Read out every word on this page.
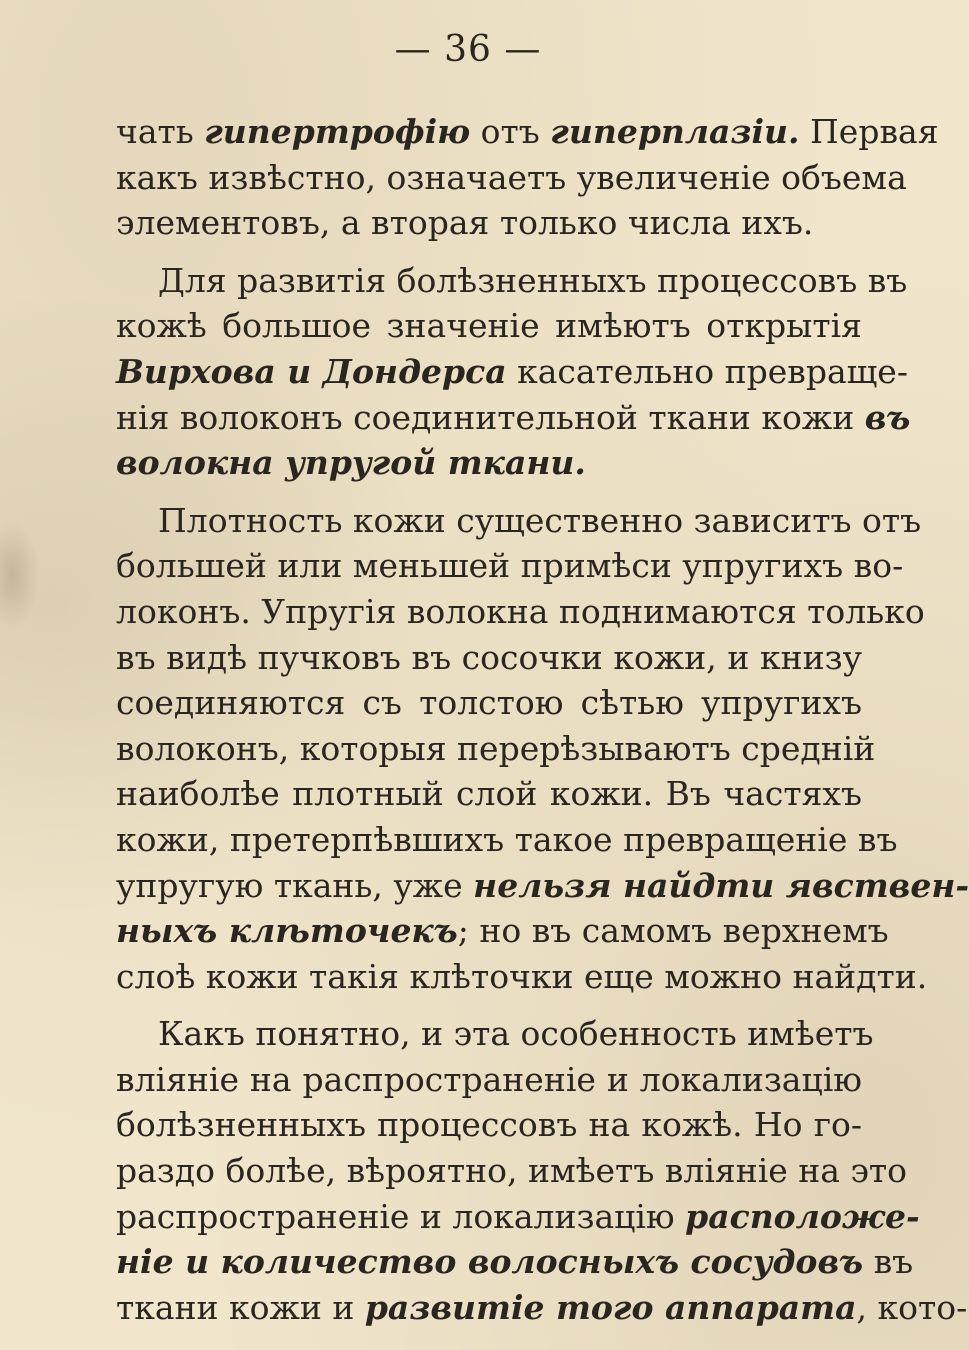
— 36 —
чать гипертрофію отъ гиперплазіи. Первая
какъ извѣстно, означаетъ увеличеніе объема
элементовъ, а вторая только числа ихъ.
Для развитія болѣзненныхъ процессовъ въ
кожѣ большое значеніе имѣютъ открытія
Вирхова и Дондерса касательно превраще-
нія волоконъ соединительной ткани кожи въ
волокна упругой ткани.
Плотность кожи существенно зависитъ отъ
большей или меньшей примѣси упругихъ во-
локонъ. Упругія волокна поднимаются только
въ видѣ пучковъ въ сосочки кожи, и книзу
соединяются съ толстою сѣтью упругихъ
волоконъ, которыя перерѣзываютъ средній
наиболѣе плотный слой кожи. Въ частяхъ
кожи, претерпѣвшихъ такое превращеніе въ
упругую ткань, уже нельзя найдти явствен-
ныхъ клѣточекъ; но въ самомъ верхнемъ
слоѣ кожи такія клѣточки еще можно найдти.
Какъ понятно, и эта особенность имѣетъ
вліяніе на распространеніе и локализацію
болѣзненныхъ процессовъ на кожѣ. Но го-
раздо болѣе, вѣроятно, имѣетъ вліяніе на это
распространеніе и локализацію расположе-
ніе и количество волосныхъ сосудовъ въ
ткани кожи и развитіе того аппарата, кото-
